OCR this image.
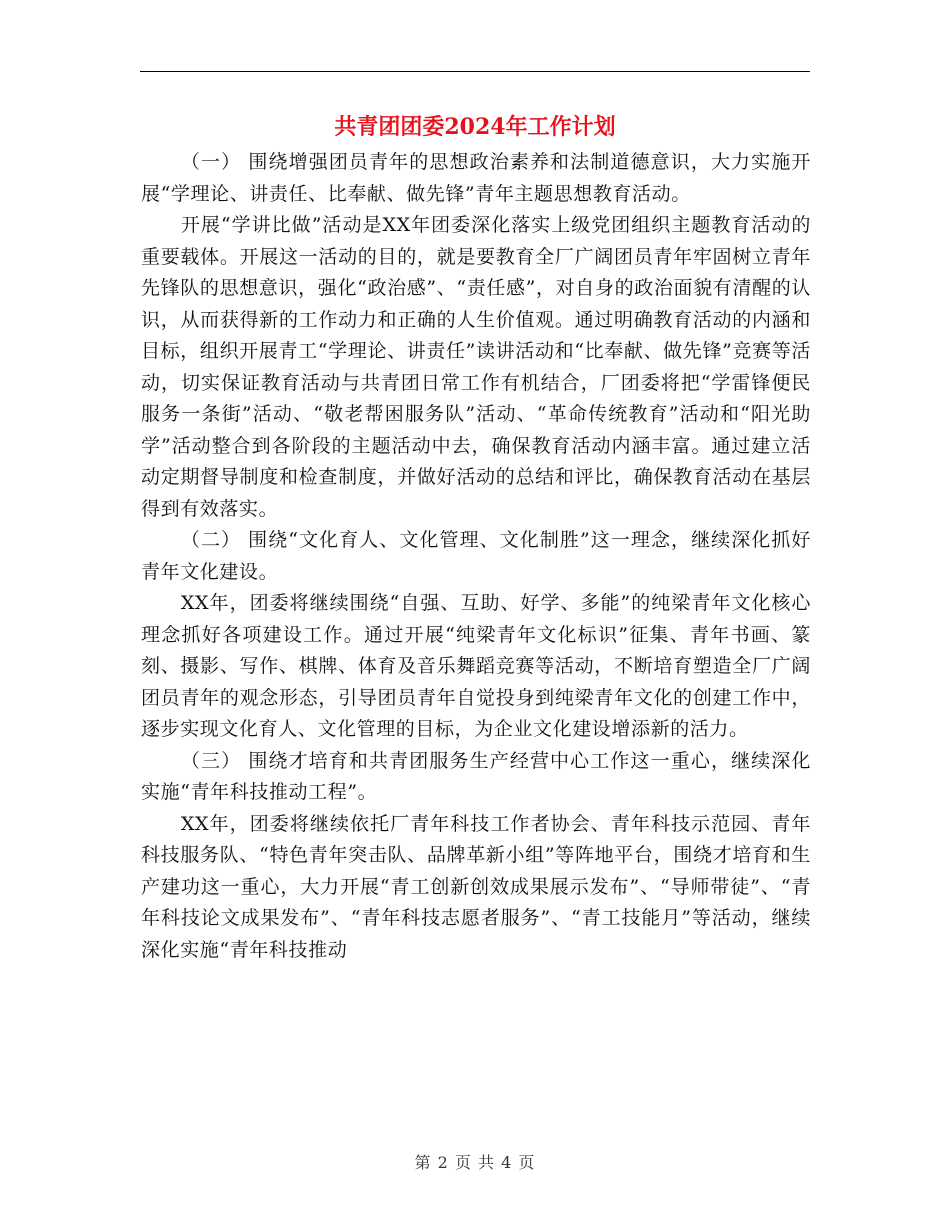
共青团团委2024年工作计划

（一） 围绕增强团员青年的思想政治素养和法制道德意识，大力实施开展“学理论、讲责任、比奉献、做先锋”青年主题思想教育活动。

开展“学讲比做”活动是XX年团委深化落实上级党团组织主题教育活动的重要载体。开展这一活动的目的，就是要教育全厂广阔团员青年牢固树立青年先锋队的思想意识，强化“政治感”、“责任感”，对自身的政治面貌有清醒的认识，从而获得新的工作动力和正确的人生价值观。通过明确教育活动的内涵和目标，组织开展青工“学理论、讲责任”读讲活动和“比奉献、做先锋”竞赛等活动，切实保证教育活动与共青团日常工作有机结合，厂团委将把“学雷锋便民服务一条街”活动、“敬老帮困服务队”活动、“革命传统教育”活动和“阳光助学”活动整合到各阶段的主题活动中去，确保教育活动内涵丰富。通过建立活动定期督导制度和检查制度，并做好活动的总结和评比，确保教育活动在基层得到有效落实。

（二） 围绕“文化育人、文化管理、文化制胜”这一理念，继续深化抓好青年文化建设。

XX年，团委将继续围绕“自强、互助、好学、多能”的纯梁青年文化核心理念抓好各项建设工作。通过开展“纯梁青年文化标识”征集、青年书画、篆刻、摄影、写作、棋牌、体育及音乐舞蹈竞赛等活动，不断培育塑造全厂广阔团员青年的观念形态，引导团员青年自觉投身到纯梁青年文化的创建工作中，逐步实现文化育人、文化管理的目标，为企业文化建设增添新的活力。

（三） 围绕才培育和共青团服务生产经营中心工作这一重心，继续深化实施“青年科技推动工程”。

XX年，团委将继续依托厂青年科技工作者协会、青年科技示范园、青年科技服务队、“特色青年突击队、品牌革新小组”等阵地平台，围绕才培育和生产建功这一重心，大力开展“青工创新创效成果展示发布”、“导师带徒”、“青年科技论文成果发布”、“青年科技志愿者服务”、“青工技能月”等活动，继续深化实施“青年科技推动

第 2 页 共 4 页
